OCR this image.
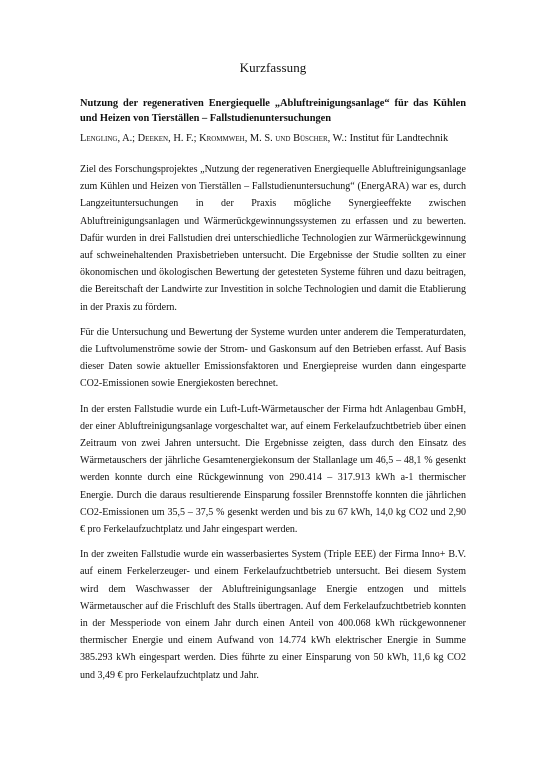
Kurzfassung
Nutzung der regenerativen Energiequelle „Abluftreinigungsanlage“ für das Kühlen und Heizen von Tierställen – Fallstudienuntersuchungen
Lengling, A.; Deeken, H. F.; Krommweh, M. S. und Büscher, W.: Institut für Landtechnik

Ziel des Forschungsprojektes „Nutzung der regenerativen Energiequelle Abluftreinigungsanlage zum Kühlen und Heizen von Tierställen – Fallstudienuntersuchung“ (EnergARA) war es, durch Langzeituntersuchungen in der Praxis mögliche Synergieeffekte zwischen Abluftreinigungsanlagen und Wärmerückgewinnungssystemen zu erfassen und zu bewerten. Dafür wurden in drei Fallstudien drei unterschiedliche Technologien zur Wärmerückgewinnung auf schweinehaltenden Praxisbetrieben untersucht. Die Ergebnisse der Studie sollten zu einer ökonomischen und ökologischen Bewertung der getesteten Systeme führen und dazu beitragen, die Bereitschaft der Landwirte zur Investition in solche Technologien und damit die Etablierung in der Praxis zu fördern.

Für die Untersuchung und Bewertung der Systeme wurden unter anderem die Temperaturdaten, die Luftvolumenströme sowie der Strom- und Gaskonsum auf den Betrieben erfasst. Auf Basis dieser Daten sowie aktueller Emissionsfaktoren und Energiepreise wurden dann eingesparte CO2-Emissionen sowie Energiekosten berechnet.

In der ersten Fallstudie wurde ein Luft-Luft-Wärmetauscher der Firma hdt Anlagenbau GmbH, der einer Abluftreinigungsanlage vorgeschaltet war, auf einem Ferkelaufzuchtbetrieb über einen Zeitraum von zwei Jahren untersucht. Die Ergebnisse zeigten, dass durch den Einsatz des Wärmetauschers der jährliche Gesamtenergiekonsum der Stallanlage um 46,5 – 48,1 % gesenkt werden konnte durch eine Rückgewinnung von 290.414 – 317.913 kWh a-1 thermischer Energie. Durch die daraus resultierende Einsparung fossiler Brennstoffe konnten die jährlichen CO2-Emissionen um 35,5 – 37,5 % gesenkt werden und bis zu 67 kWh, 14,0 kg CO2 und 2,90 € pro Ferkelaufzuchtplatz und Jahr eingespart werden.

In der zweiten Fallstudie wurde ein wasserbasiertes System (Triple EEE) der Firma Inno+ B.V. auf einem Ferkelerzeuger- und einem Ferkelaufzuchtbetrieb untersucht. Bei diesem System wird dem Waschwasser der Abluftreinigungsanlage Energie entzogen und mittels Wärmetauscher auf die Frischluft des Stalls übertragen. Auf dem Ferkelaufzuchtbetrieb konnten in der Messperiode von einem Jahr durch einen Anteil von 400.068 kWh rückgewonnener thermischer Energie und einem Aufwand von 14.774 kWh elektrischer Energie in Summe 385.293 kWh eingespart werden. Dies führte zu einer Einsparung von 50 kWh, 11,6 kg CO2 und 3,49 € pro Ferkelaufzuchtplatz und Jahr.
